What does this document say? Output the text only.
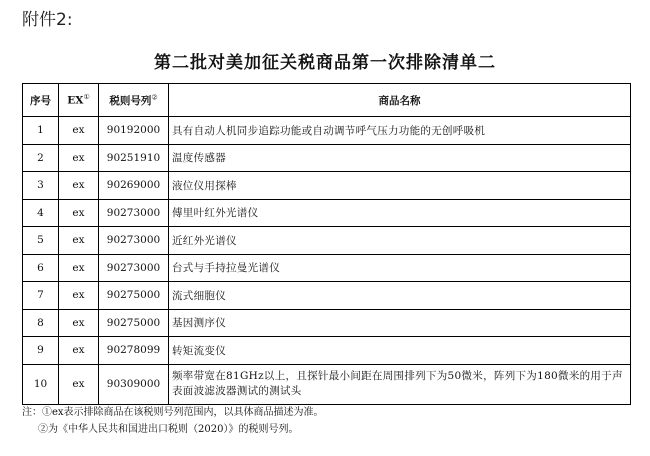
附件2:
第二批对美加征关税商品第一次排除清单二
序号	EX①	税则号列②	商品名称
1	ex	90192000	具有自动人机同步追踪功能或自动调节呼气压力功能的无创呼吸机
2	ex	90251910	温度传感器
3	ex	90269000	液位仪用探棒
4	ex	90273000	傅里叶红外光谱仪
5	ex	90273000	近红外光谱仪
6	ex	90273000	台式与手持拉曼光谱仪
7	ex	90275000	流式细胞仪
8	ex	90275000	基因测序仪
9	ex	90278099	转矩流变仪
10	ex	90309000	频率带宽在81GHz以上，且探针最小间距在周围排列下为50微米，阵列下为180微米的用于声表面波滤波器测试的测试头
注：①ex表示排除商品在该税则号列范围内，以具体商品描述为准。
②为《中华人民共和国进出口税则（2020）》的税则号列。
